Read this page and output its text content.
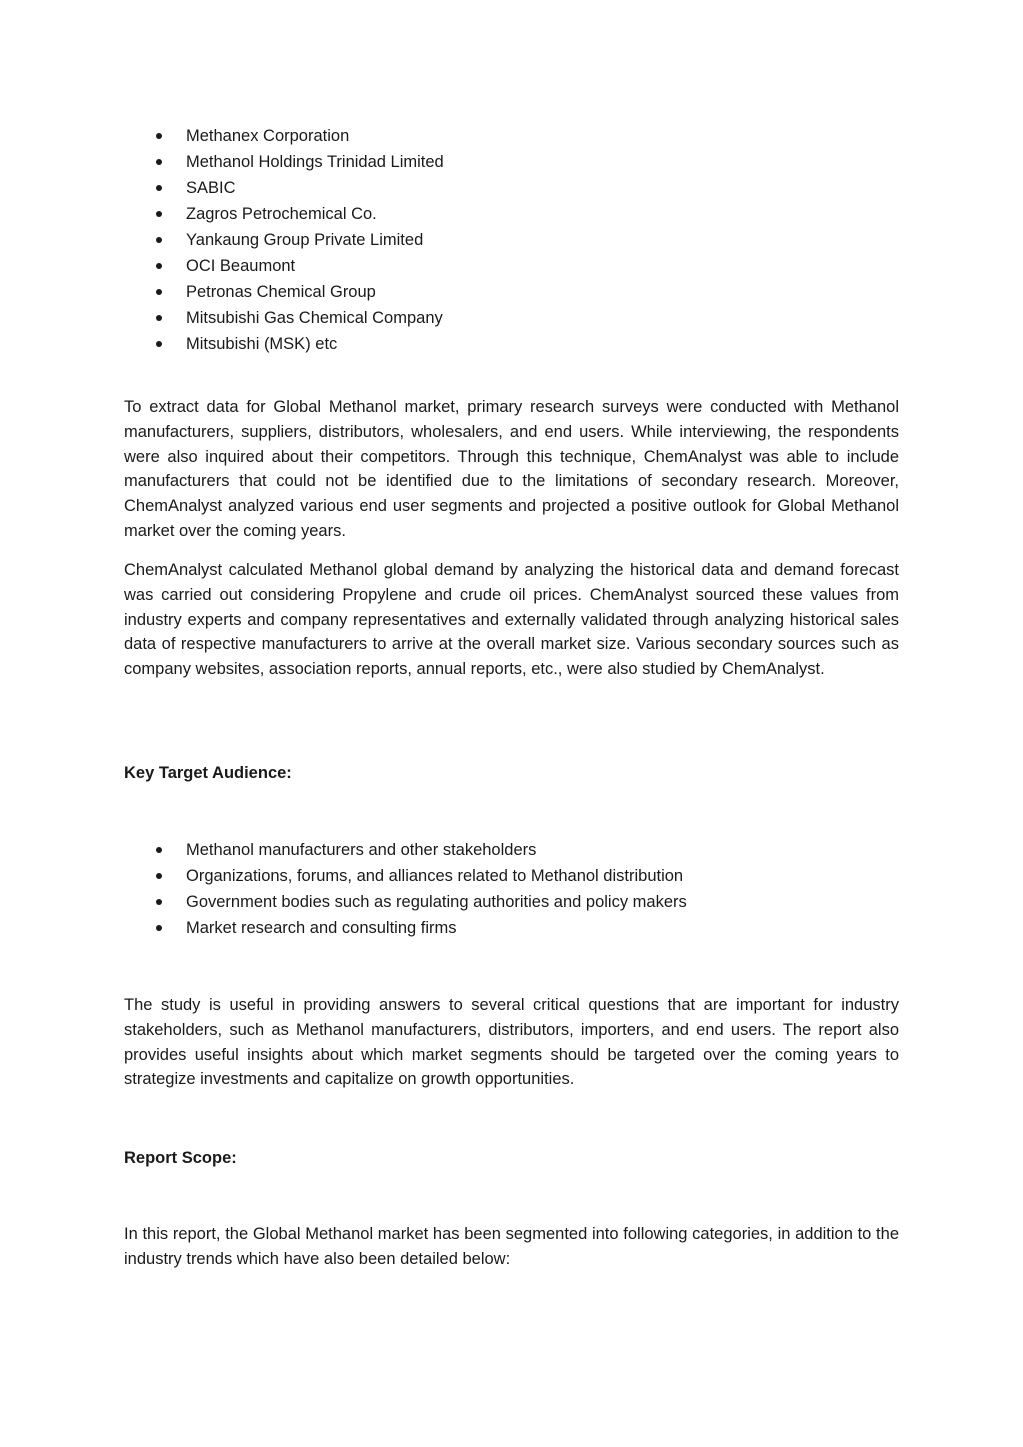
Methanex Corporation
Methanol Holdings Trinidad Limited
SABIC
Zagros Petrochemical Co.
Yankaung Group Private Limited
OCI Beaumont
Petronas Chemical Group
Mitsubishi Gas Chemical Company
Mitsubishi (MSK) etc

To extract data for Global Methanol market, primary research surveys were conducted with Methanol manufacturers, suppliers, distributors, wholesalers, and end users. While interviewing, the respondents were also inquired about their competitors. Through this technique, ChemAnalyst was able to include manufacturers that could not be identified due to the limitations of secondary research. Moreover, ChemAnalyst analyzed various end user segments and projected a positive outlook for Global Methanol market over the coming years.

ChemAnalyst calculated Methanol global demand by analyzing the historical data and demand forecast was carried out considering Propylene and crude oil prices. ChemAnalyst sourced these values from industry experts and company representatives and externally validated through analyzing historical sales data of respective manufacturers to arrive at the overall market size. Various secondary sources such as company websites, association reports, annual reports, etc., were also studied by ChemAnalyst.

Key Target Audience:
Methanol manufacturers and other stakeholders
Organizations, forums, and alliances related to Methanol distribution
Government bodies such as regulating authorities and policy makers
Market research and consulting firms

The study is useful in providing answers to several critical questions that are important for industry stakeholders, such as Methanol manufacturers, distributors, importers, and end users. The report also provides useful insights about which market segments should be targeted over the coming years to strategize investments and capitalize on growth opportunities.

Report Scope:

In this report, the Global Methanol market has been segmented into following categories, in addition to the industry trends which have also been detailed below:
